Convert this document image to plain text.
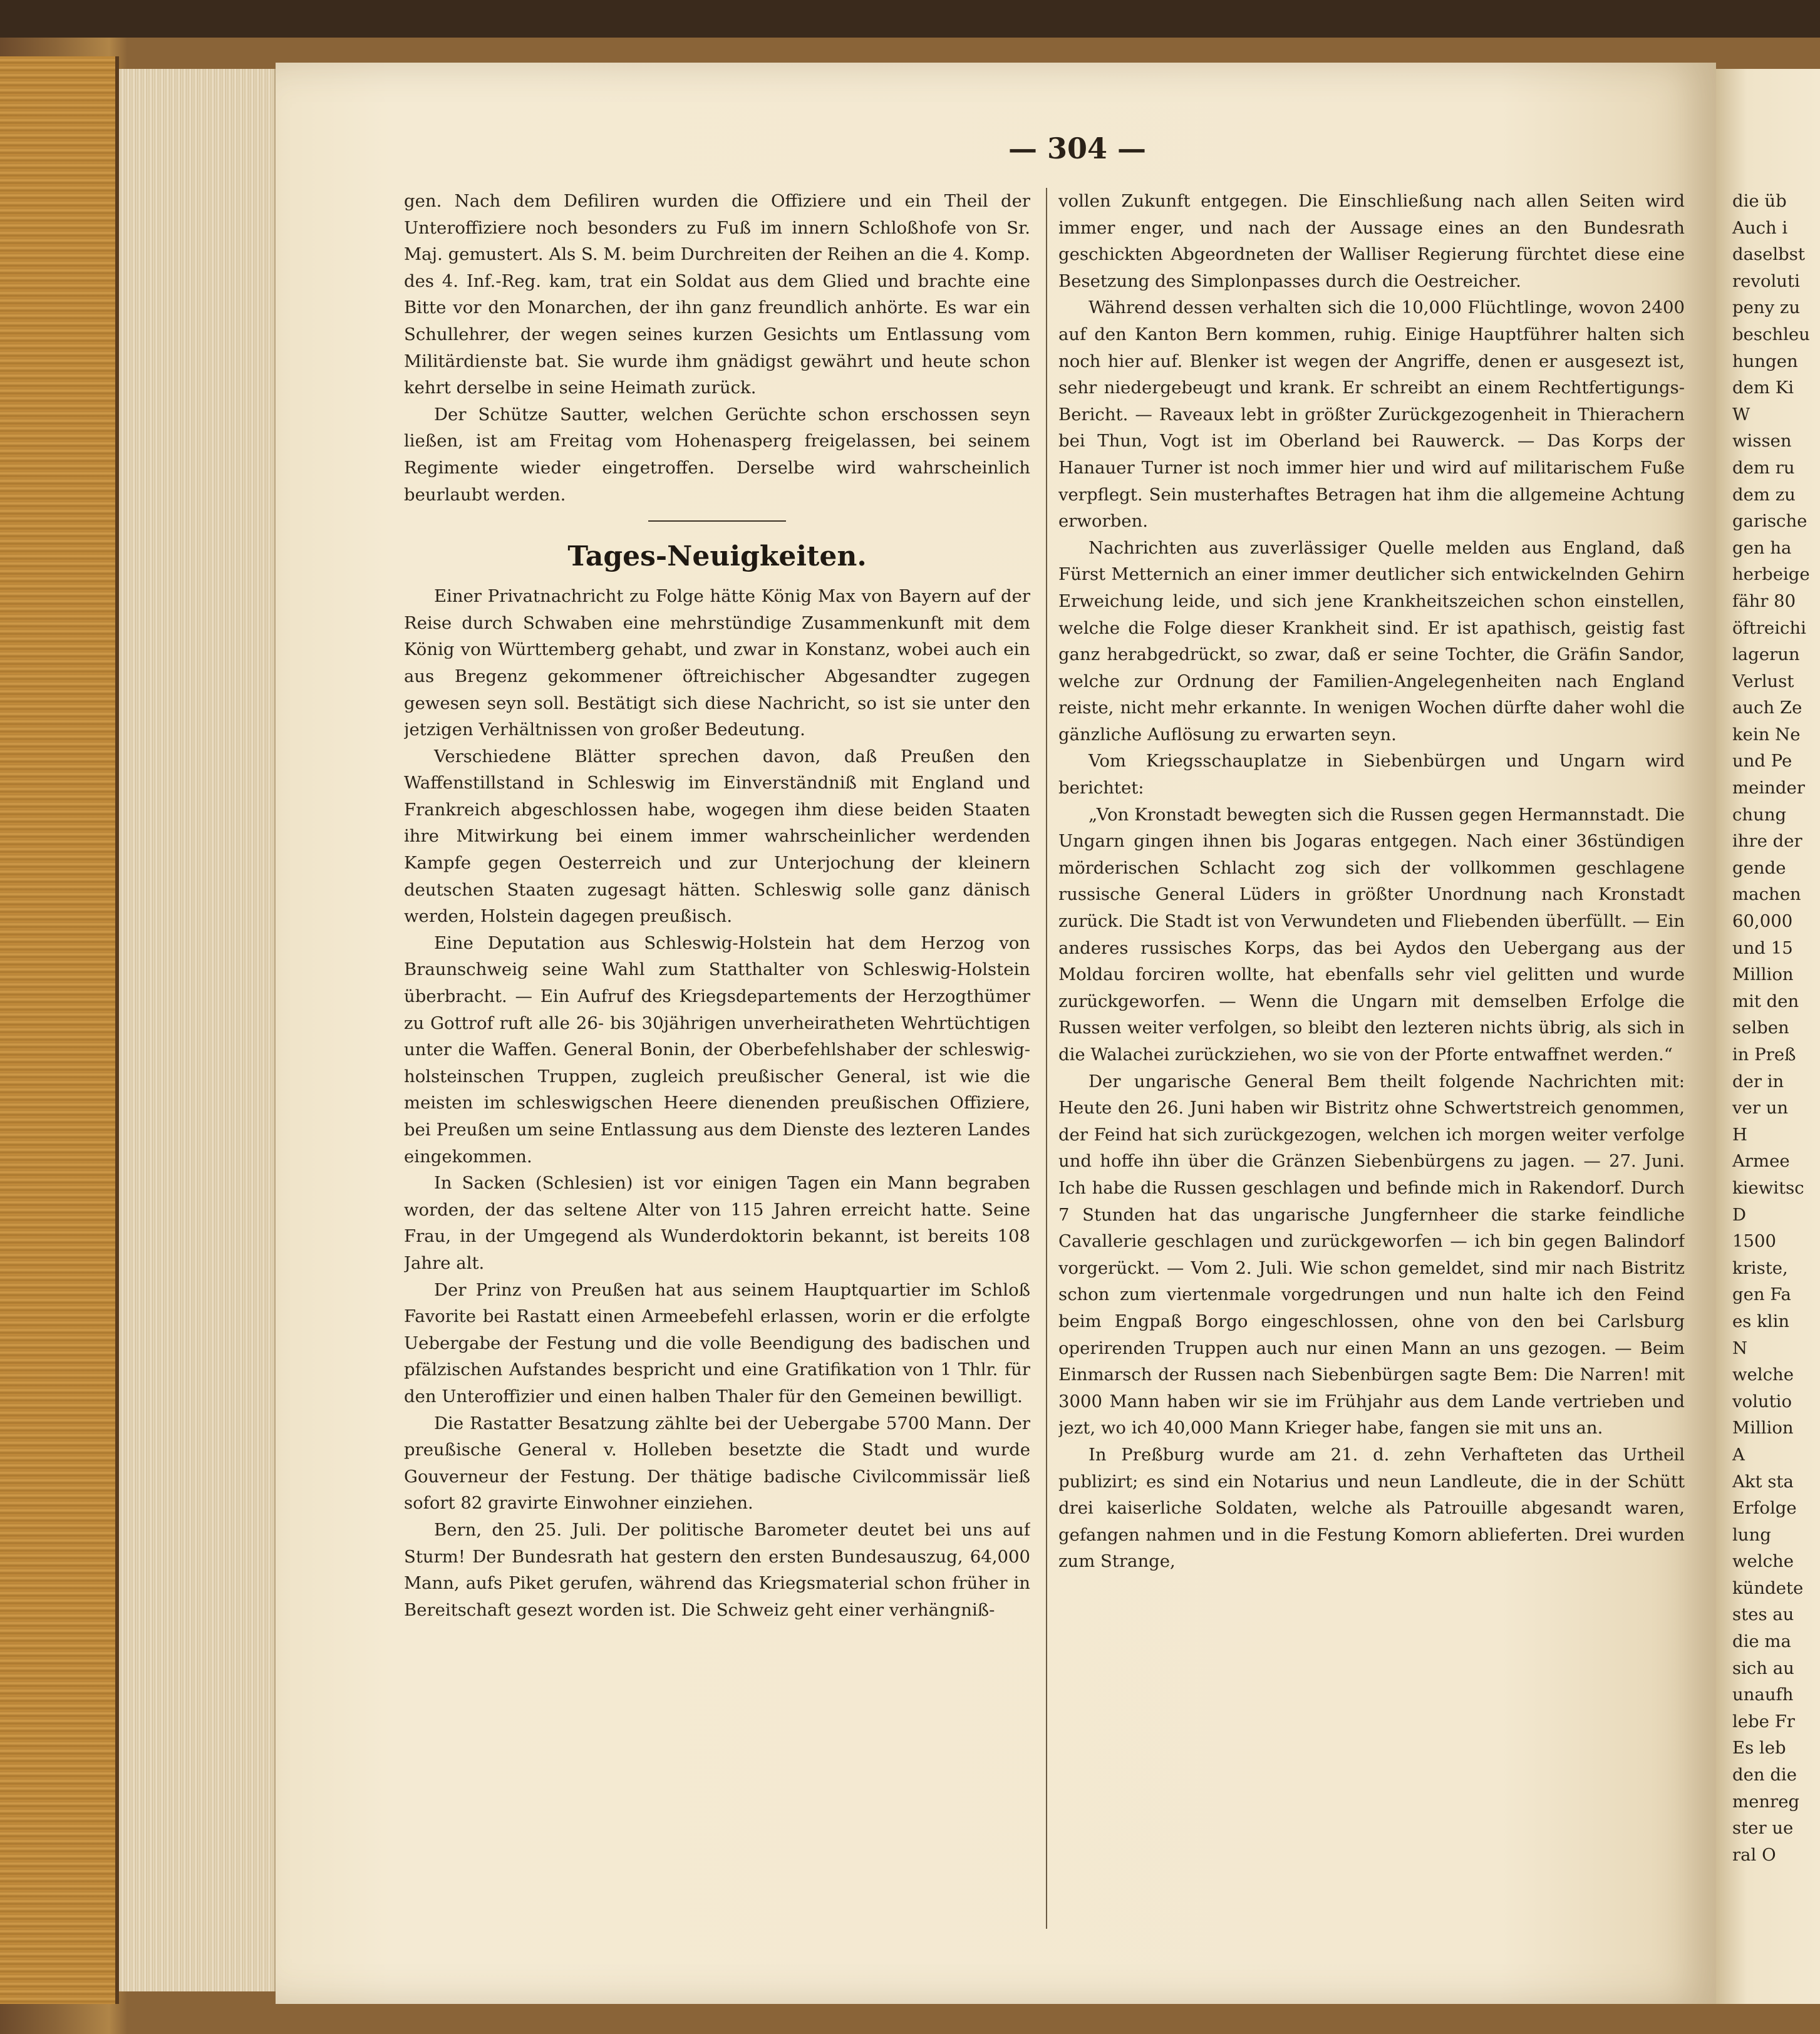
— 304 —

gen. Nach dem Defiliren wurden die Offiziere und ein Theil der Unteroffiziere noch besonders zu Fuß im innern Schloßhofe von Sr. Maj. gemustert. Als S. M. beim Durchreiten der Reihen an die 4. Komp. des 4. Inf.-Reg. kam, trat ein Soldat aus dem Glied und brachte eine Bitte vor den Monarchen, der ihn ganz freundlich anhörte. Es war ein Schullehrer, der wegen seines kurzen Gesichts um Entlassung vom Militärdienste bat. Sie wurde ihm gnädigst gewährt und heute schon kehrt derselbe in seine Heimath zurück.

Der Schütze Sautter, welchen Gerüchte schon erschossen seyn ließen, ist am Freitag vom Hohenasperg freigelassen, bei seinem Regimente wieder eingetroffen. Derselbe wird wahrscheinlich beurlaubt werden.

Tages-Neuigkeiten.

Einer Privatnachricht zu Folge hätte König Max von Bayern auf der Reise durch Schwaben eine mehrstündige Zusammenkunft mit dem König von Württemberg gehabt, und zwar in Konstanz, wobei auch ein aus Bregenz gekommener öftreichischer Abgesandter zugegen gewesen seyn soll. Bestätigt sich diese Nachricht, so ist sie unter den jetzigen Verhältnissen von großer Bedeutung.

Verschiedene Blätter sprechen davon, daß Preußen den Waffenstillstand in Schleswig im Einverständniß mit England und Frankreich abgeschlossen habe, wogegen ihm diese beiden Staaten ihre Mitwirkung bei einem immer wahrscheinlicher werdenden Kampfe gegen Oesterreich und zur Unterjochung der kleinern deutschen Staaten zugesagt hätten. Schleswig solle ganz dänisch werden, Holstein dagegen preußisch.

Eine Deputation aus Schleswig-Holstein hat dem Herzog von Braunschweig seine Wahl zum Statthalter von Schleswig-Holstein überbracht. — Ein Aufruf des Kriegsdepartements der Herzogthümer zu Gottrof ruft alle 26- bis 30jährigen unverheiratheten Wehrtüchtigen unter die Waffen. General Bonin, der Oberbefehlshaber der schleswig-holsteinschen Truppen, zugleich preußischer General, ist wie die meisten im schleswigschen Heere dienenden preußischen Offiziere, bei Preußen um seine Entlassung aus dem Dienste des lezteren Landes eingekommen.

In Sacken (Schlesien) ist vor einigen Tagen ein Mann begraben worden, der das seltene Alter von 115 Jahren erreicht hatte. Seine Frau, in der Umgegend als Wunderdoktorin bekannt, ist bereits 108 Jahre alt.

Der Prinz von Preußen hat aus seinem Hauptquartier im Schloß Favorite bei Rastatt einen Armeebefehl erlassen, worin er die erfolgte Uebergabe der Festung und die volle Beendigung des badischen und pfälzischen Aufstandes bespricht und eine Gratifikation von 1 Thlr. für den Unteroffizier und einen halben Thaler für den Gemeinen bewilligt.

Die Rastatter Besatzung zählte bei der Uebergabe 5700 Mann. Der preußische General v. Holleben besetzte die Stadt und wurde Gouverneur der Festung. Der thätige badische Civilcommissär ließ sofort 82 gravirte Einwohner einziehen.

Bern, den 25. Juli. Der politische Barometer deutet bei uns auf Sturm! Der Bundesrath hat gestern den ersten Bundesauszug, 64,000 Mann, aufs Piket gerufen, während das Kriegsmaterial schon früher in Bereitschaft gesezt worden ist. Die Schweiz geht einer verhängniß-

vollen Zukunft entgegen. Die Einschließung nach allen Seiten wird immer enger, und nach der Aussage eines an den Bundesrath geschickten Abgeordneten der Walliser Regierung fürchtet diese eine Besetzung des Simplonpasses durch die Oestreicher.

Während dessen verhalten sich die 10,000 Flüchtlinge, wovon 2400 auf den Kanton Bern kommen, ruhig. Einige Hauptführer halten sich noch hier auf. Blenker ist wegen der Angriffe, denen er ausgesezt ist, sehr niedergebeugt und krank. Er schreibt an einem Rechtfertigungs-Bericht. — Raveaux lebt in größter Zurückgezogenheit in Thierachern bei Thun, Vogt ist im Oberland bei Rauwerck. — Das Korps der Hanauer Turner ist noch immer hier und wird auf militarischem Fuße verpflegt. Sein musterhaftes Betragen hat ihm die allgemeine Achtung erworben.

Nachrichten aus zuverlässiger Quelle melden aus England, daß Fürst Metternich an einer immer deutlicher sich entwickelnden Gehirn Erweichung leide, und sich jene Krankheitszeichen schon einstellen, welche die Folge dieser Krankheit sind. Er ist apathisch, geistig fast ganz herabgedrückt, so zwar, daß er seine Tochter, die Gräfin Sandor, welche zur Ordnung der Familien-Angelegenheiten nach England reiste, nicht mehr erkannte. In wenigen Wochen dürfte daher wohl die gänzliche Auflösung zu erwarten seyn.

Vom Kriegsschauplatze in Siebenbürgen und Ungarn wird berichtet:

„Von Kronstadt bewegten sich die Russen gegen Hermannstadt. Die Ungarn gingen ihnen bis Jogaras entgegen. Nach einer 36stündigen mörderischen Schlacht zog sich der vollkommen geschlagene russische General Lüders in größter Unordnung nach Kronstadt zurück. Die Stadt ist von Verwundeten und Fliebenden überfüllt. — Ein anderes russisches Korps, das bei Aydos den Uebergang aus der Moldau forciren wollte, hat ebenfalls sehr viel gelitten und wurde zurückgeworfen. — Wenn die Ungarn mit demselben Erfolge die Russen weiter verfolgen, so bleibt den lezteren nichts übrig, als sich in die Walachei zurückziehen, wo sie von der Pforte entwaffnet werden.“

Der ungarische General Bem theilt folgende Nachrichten mit: Heute den 26. Juni haben wir Bistritz ohne Schwertstreich genommen, der Feind hat sich zurückgezogen, welchen ich morgen weiter verfolge und hoffe ihn über die Gränzen Siebenbürgens zu jagen. — 27. Juni. Ich habe die Russen geschlagen und befinde mich in Rakendorf. Durch 7 Stunden hat das ungarische Jungfernheer die starke feindliche Cavallerie geschlagen und zurückgeworfen — ich bin gegen Balindorf vorgerückt. — Vom 2. Juli. Wie schon gemeldet, sind mir nach Bistritz schon zum viertenmale vorgedrungen und nun halte ich den Feind beim Engpaß Borgo eingeschlossen, ohne von den bei Carlsburg operirenden Truppen auch nur einen Mann an uns gezogen. — Beim Einmarsch der Russen nach Siebenbürgen sagte Bem: Die Narren! mit 3000 Mann haben wir sie im Frühjahr aus dem Lande vertrieben und jezt, wo ich 40,000 Mann Krieger habe, fangen sie mit uns an.

In Preßburg wurde am 21. d. zehn Verhafteten das Urtheil publizirt; es sind ein Notarius und neun Landleute, die in der Schütt drei kaiserliche Soldaten, welche als Patrouille abgesandt waren, gefangen nahmen und in die Festung Komorn ablieferten. Drei wurden zum Strange,

die üb
Auch i
daselbst
revoluti
peny zu
beschleu
hungen
dem Ki
W
wissen
dem ru
dem zu
garische
gen ha
herbeige
fähr 80
öftreichi
lagerun
Verlust
auch Ze
kein Ne
und Pe
meinder
chung
ihre der
gende
machen
60,000
und 15
Million
mit den
selben
in Preß
der in
ver un
H
Armee
kiewitsc
D
1500
kriste,
gen Fa
es klin
N
welche
volutio
Million
A
Akt sta
Erfolge
lung
welche
kündete
stes au
die ma
sich au
unaufh
lebe Fr
Es leb
den die
menreg
ster ue
ral O
